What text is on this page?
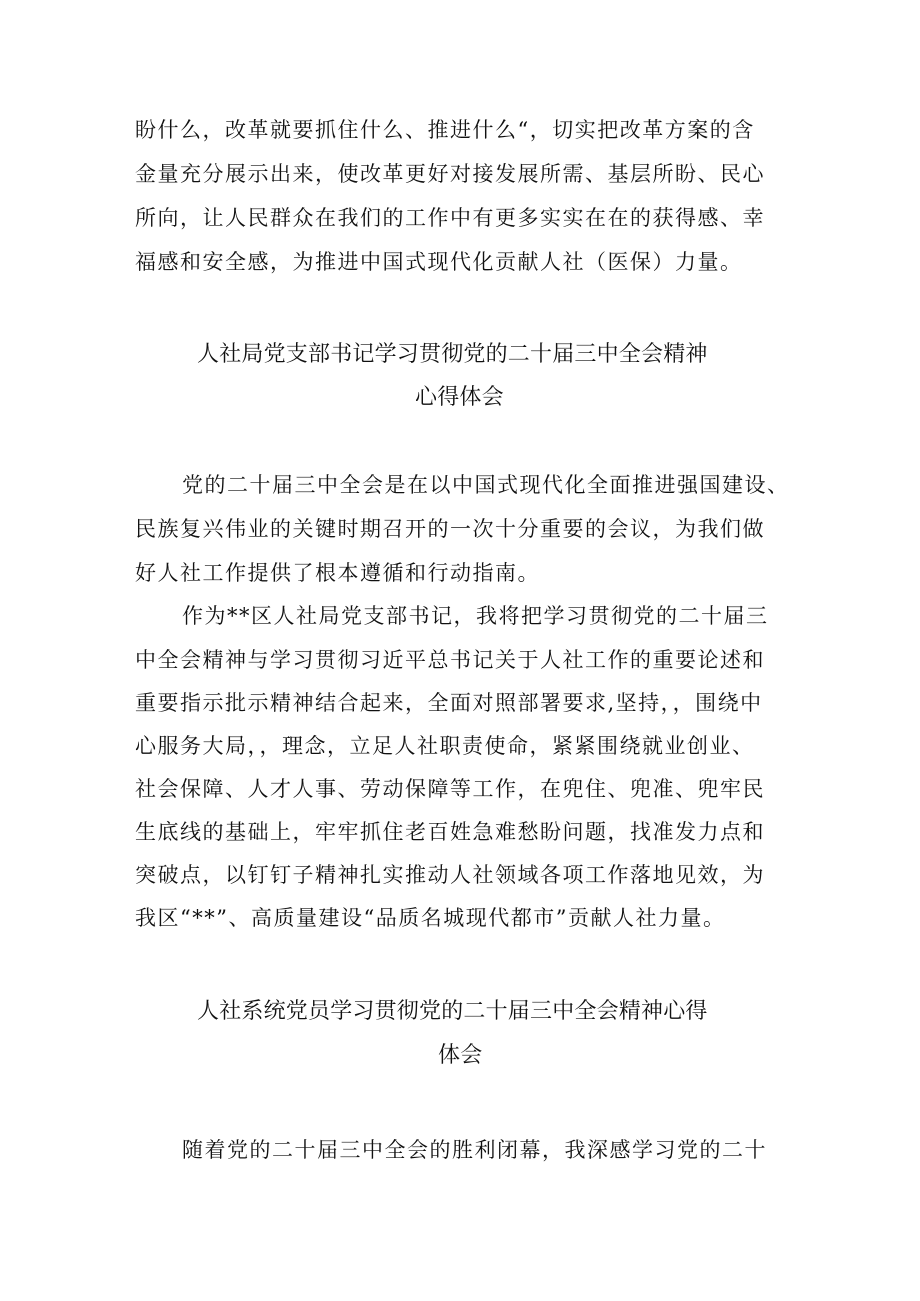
盼什么，改革就要抓住什么、推进什么“，切实把改革方案的含
金量充分展示出来，使改革更好对接发展所需、基层所盼、民心
所向，让人民群众在我们的工作中有更多实实在在的获得感、幸
福感和安全感，为推进中国式现代化贡献人社（医保）力量。
人社局党支部书记学习贯彻党的二十届三中全会精神
心得体会
党的二十届三中全会是在以中国式现代化全面推进强国建设、
民族复兴伟业的关键时期召开的一次十分重要的会议，为我们做
好人社工作提供了根本遵循和行动指南。
作为**区人社局党支部书记，我将把学习贯彻党的二十届三
中全会精神与学习贯彻习近平总书记关于人社工作的重要论述和
重要指示批示精神结合起来，全面对照部署要求,坚持，，围绕中
心服务大局，，理念，立足人社职责使命，紧紧围绕就业创业、
社会保障、人才人事、劳动保障等工作，在兜住、兜准、兜牢民
生底线的基础上，牢牢抓住老百姓急难愁盼问题，找准发力点和
突破点，以钉钉子精神扎实推动人社领域各项工作落地见效，为
我区“**”、高质量建设“品质名城现代都市”贡献人社力量。
人社系统党员学习贯彻党的二十届三中全会精神心得
体会
随着党的二十届三中全会的胜利闭幕，我深感学习党的二十
